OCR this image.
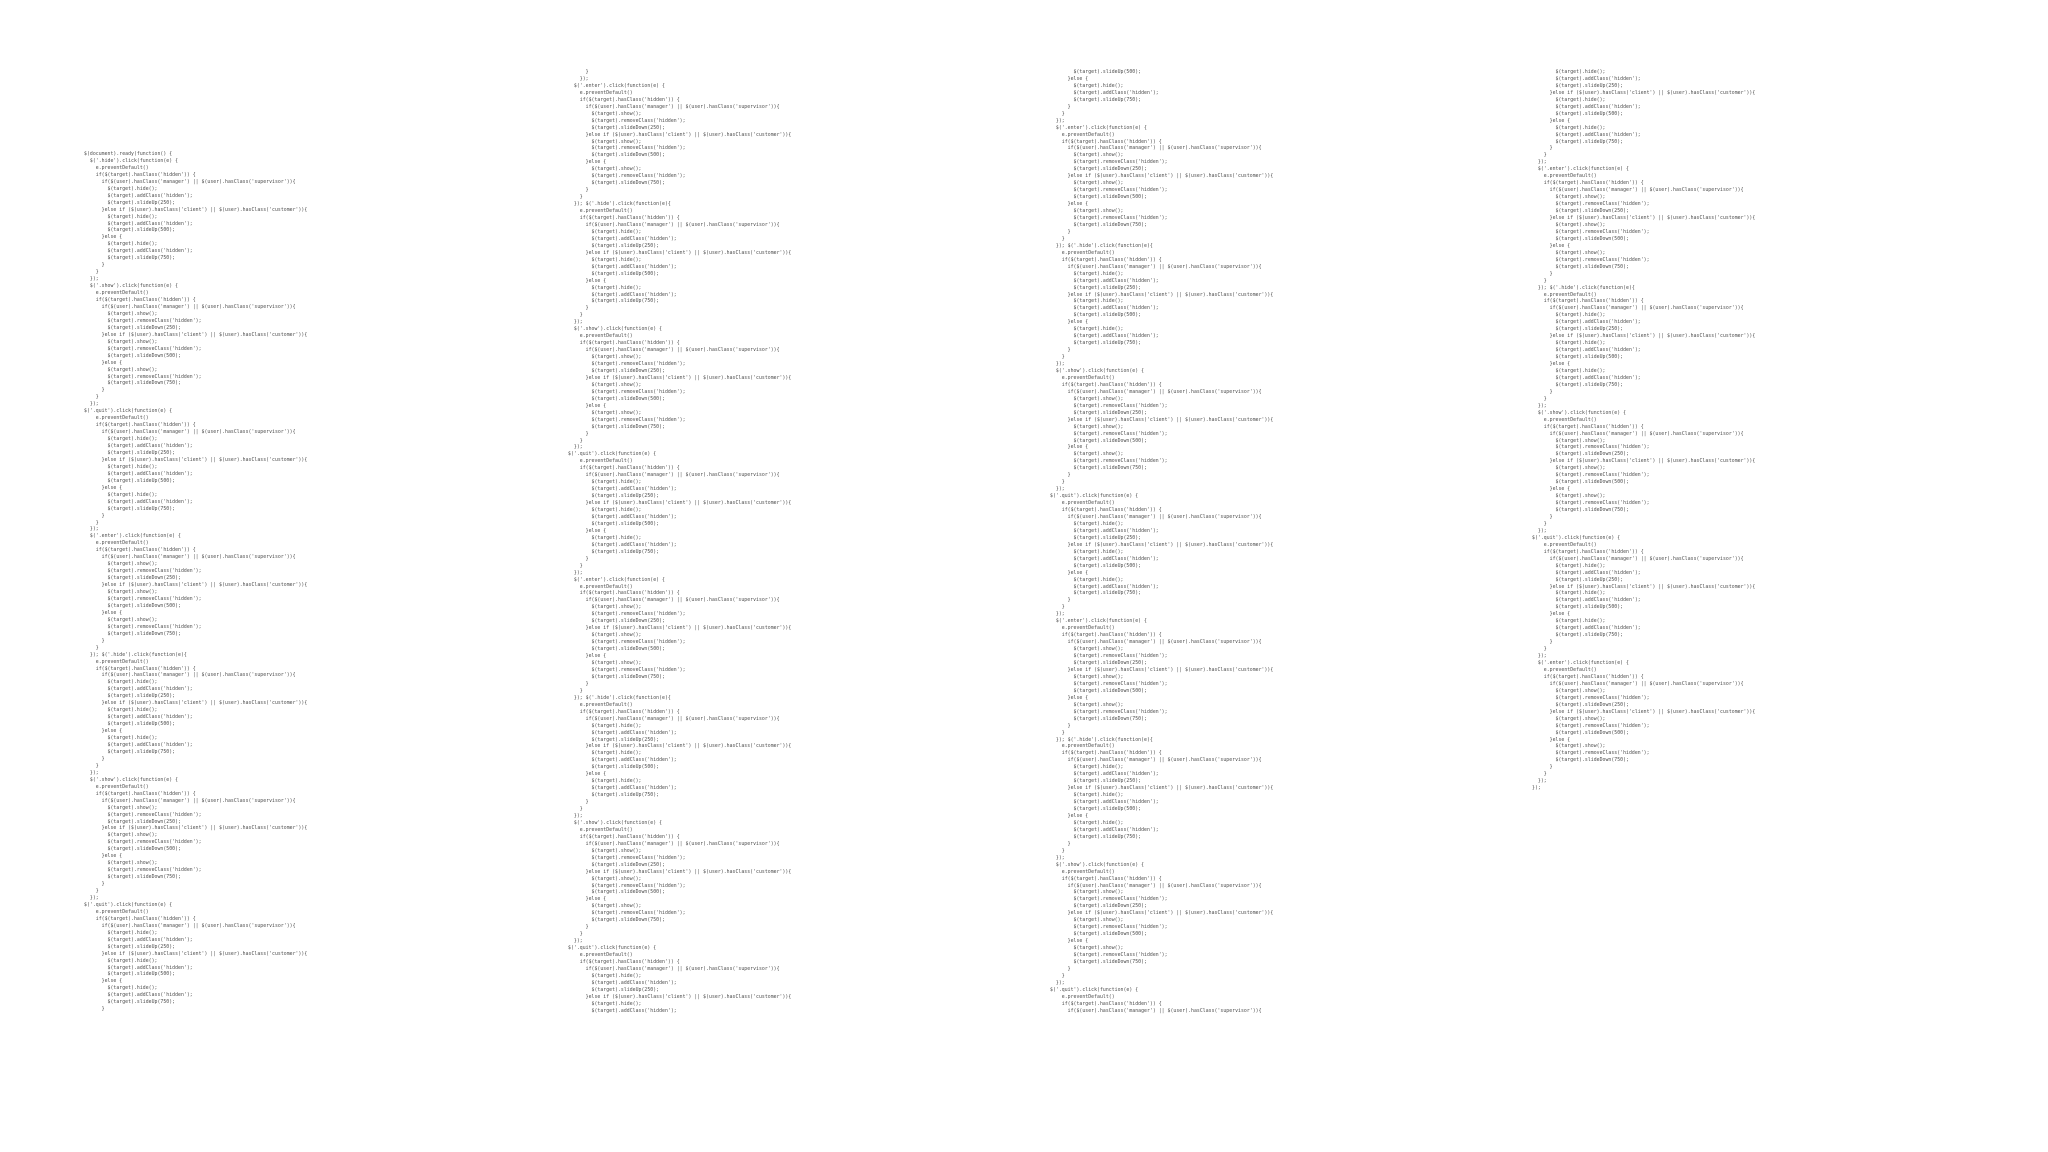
$(document).ready(function() {
$('.hide').click(function(e) {
e.preventDefault()
if($(target).hasClass('hidden')) {
if($(user).hasClass('manager') || $(user).hasClass('supervisor')){
$(target).hide();
$(target).addClass('hidden');
$(target).slideUp(250);
}else if ($(user).hasClass('client') || $(user).hasClass('customer')){
$(target).hide();
$(target).addClass('hidden');
$(target).slideUp(500);
}else {
$(target).hide();
$(target).addClass('hidden');
$(target).slideUp(750);
}
}
});
$('.show').click(function(e) {
e.preventDefault()
if($(target).hasClass('hidden')) {
if($(user).hasClass('manager') || $(user).hasClass('supervisor')){
$(target).show();
$(target).removeClass('hidden');
$(target).slideDown(250);
}else if ($(user).hasClass('client') || $(user).hasClass('customer')){
$(target).show();
$(target).removeClass('hidden');
$(target).slideDown(500);
}else {
$(target).show();
$(target).removeClass('hidden');
$(target).slideDown(750);
}
}
});
$('.quit').click(function(e) {
e.preventDefault()
if($(target).hasClass('hidden')) {
if($(user).hasClass('manager') || $(user).hasClass('supervisor')){
$(target).hide();
$(target).addClass('hidden');
$(target).slideUp(250);
}else if ($(user).hasClass('client') || $(user).hasClass('customer')){
$(target).hide();
$(target).addClass('hidden');
$(target).slideUp(500);
}else {
$(target).hide();
$(target).addClass('hidden');
$(target).slideUp(750);
}
}
});
$('.enter').click(function(e) {
e.preventDefault()
if($(target).hasClass('hidden')) {
if($(user).hasClass('manager') || $(user).hasClass('supervisor')){
$(target).show();
$(target).removeClass('hidden');
$(target).slideDown(250);
}else if ($(user).hasClass('client') || $(user).hasClass('customer')){
$(target).show();
$(target).removeClass('hidden');
$(target).slideDown(500);
}else {
$(target).show();
$(target).removeClass('hidden');
$(target).slideDown(750);
}
}
}); $('.hide').click(function(e){
e.preventDefault()
if($(target).hasClass('hidden')) {
if($(user).hasClass('manager') || $(user).hasClass('supervisor')){
$(target).hide();
$(target).addClass('hidden');
$(target).slideUp(250);
}else if ($(user).hasClass('client') || $(user).hasClass('customer')){
$(target).hide();
$(target).addClass('hidden');
$(target).slideUp(500);
}else {
$(target).hide();
$(target).addClass('hidden');
$(target).slideUp(750);
}
}
});
$('.show').click(function(e) {
e.preventDefault()
if($(target).hasClass('hidden')) {
if($(user).hasClass('manager') || $(user).hasClass('supervisor')){
$(target).show();
$(target).removeClass('hidden');
$(target).slideDown(250);
}else if ($(user).hasClass('client') || $(user).hasClass('customer')){
$(target).show();
$(target).removeClass('hidden');
$(target).slideDown(500);
}else {
$(target).show();
$(target).removeClass('hidden');
$(target).slideDown(750);
}
}
});
$('.quit').click(function(e) {
e.preventDefault()
if($(target).hasClass('hidden')) {
if($(user).hasClass('manager') || $(user).hasClass('supervisor')){
$(target).hide();
$(target).addClass('hidden');
$(target).slideUp(250);
}else if ($(user).hasClass('client') || $(user).hasClass('customer')){
$(target).hide();
$(target).addClass('hidden');
$(target).slideUp(500);
}else {
$(target).hide();
$(target).addClass('hidden');
$(target).slideUp(750);
}
}
});
$('.enter').click(function(e) {
e.preventDefault()
if($(target).hasClass('hidden')) {
if($(user).hasClass('manager') || $(user).hasClass('supervisor')){
$(target).show();
$(target).removeClass('hidden');
$(target).slideDown(250);
}else if ($(user).hasClass('client') || $(user).hasClass('customer')){
$(target).show();
$(target).removeClass('hidden');
$(target).slideDown(500);
}else {
$(target).show();
$(target).removeClass('hidden');
$(target).slideDown(750);
}
}
}); $('.hide').click(function(e){
e.preventDefault()
if($(target).hasClass('hidden')) {
if($(user).hasClass('manager') || $(user).hasClass('supervisor')){
$(target).hide();
$(target).addClass('hidden');
$(target).slideUp(250);
}else if ($(user).hasClass('client') || $(user).hasClass('customer')){
$(target).hide();
$(target).addClass('hidden');
$(target).slideUp(500);
}else {
$(target).hide();
$(target).addClass('hidden');
$(target).slideUp(750);
}
}
});
$('.show').click(function(e) {
e.preventDefault()
if($(target).hasClass('hidden')) {
if($(user).hasClass('manager') || $(user).hasClass('supervisor')){
$(target).show();
$(target).removeClass('hidden');
$(target).slideDown(250);
}else if ($(user).hasClass('client') || $(user).hasClass('customer')){
$(target).show();
$(target).removeClass('hidden');
$(target).slideDown(500);
}else {
$(target).show();
$(target).removeClass('hidden');
$(target).slideDown(750);
}
}
});
$('.quit').click(function(e) {
e.preventDefault()
if($(target).hasClass('hidden')) {
if($(user).hasClass('manager') || $(user).hasClass('supervisor')){
$(target).hide();
$(target).addClass('hidden');
$(target).slideUp(250);
}else if ($(user).hasClass('client') || $(user).hasClass('customer')){
$(target).hide();
$(target).addClass('hidden');
$(target).slideUp(500);
}else {
$(target).hide();
$(target).addClass('hidden');
$(target).slideUp(750);
}
}
});
$('.enter').click(function(e) {
e.preventDefault()
if($(target).hasClass('hidden')) {
if($(user).hasClass('manager') || $(user).hasClass('supervisor')){
$(target).show();
$(target).removeClass('hidden');
$(target).slideDown(250);
}else if ($(user).hasClass('client') || $(user).hasClass('customer')){
$(target).show();
$(target).removeClass('hidden');
$(target).slideDown(500);
}else {
$(target).show();
$(target).removeClass('hidden');
$(target).slideDown(750);
}
}
}); $('.hide').click(function(e){
e.preventDefault()
if($(target).hasClass('hidden')) {
if($(user).hasClass('manager') || $(user).hasClass('supervisor')){
$(target).hide();
$(target).addClass('hidden');
$(target).slideUp(250);
}else if ($(user).hasClass('client') || $(user).hasClass('customer')){
$(target).hide();
$(target).addClass('hidden');
$(target).slideUp(500);
}else {
$(target).hide();
$(target).addClass('hidden');
$(target).slideUp(750);
}
}
});
$('.show').click(function(e) {
e.preventDefault()
if($(target).hasClass('hidden')) {
if($(user).hasClass('manager') || $(user).hasClass('supervisor')){
$(target).show();
$(target).removeClass('hidden');
$(target).slideDown(250);
}else if ($(user).hasClass('client') || $(user).hasClass('customer')){
$(target).show();
$(target).removeClass('hidden');
$(target).slideDown(500);
}else {
$(target).show();
$(target).removeClass('hidden');
$(target).slideDown(750);
}
}
});
$('.quit').click(function(e) {
e.preventDefault()
if($(target).hasClass('hidden')) {
if($(user).hasClass('manager') || $(user).hasClass('supervisor')){
$(target).hide();
$(target).addClass('hidden');
$(target).slideUp(250);
}else if ($(user).hasClass('client') || $(user).hasClass('customer')){
$(target).hide();
$(target).addClass('hidden');
$(target).slideUp(500);
}else {
$(target).hide();
$(target).addClass('hidden');
$(target).slideUp(750);
}
}
});
$('.enter').click(function(e) {
e.preventDefault()
if($(target).hasClass('hidden')) {
if($(user).hasClass('manager') || $(user).hasClass('supervisor')){
$(target).show();
$(target).removeClass('hidden');
$(target).slideDown(250);
}else if ($(user).hasClass('client') || $(user).hasClass('customer')){
$(target).show();
$(target).removeClass('hidden');
$(target).slideDown(500);
}else {
$(target).show();
$(target).removeClass('hidden');
$(target).slideDown(750);
}
}
}); $('.hide').click(function(e){
e.preventDefault()
if($(target).hasClass('hidden')) {
if($(user).hasClass('manager') || $(user).hasClass('supervisor')){
$(target).hide();
$(target).addClass('hidden');
$(target).slideUp(250);
}else if ($(user).hasClass('client') || $(user).hasClass('customer')){
$(target).hide();
$(target).addClass('hidden');
$(target).slideUp(500);
}else {
$(target).hide();
$(target).addClass('hidden');
$(target).slideUp(750);
}
}
});
$('.show').click(function(e) {
e.preventDefault()
if($(target).hasClass('hidden')) {
if($(user).hasClass('manager') || $(user).hasClass('supervisor')){
$(target).show();
$(target).removeClass('hidden');
$(target).slideDown(250);
}else if ($(user).hasClass('client') || $(user).hasClass('customer')){
$(target).show();
$(target).removeClass('hidden');
$(target).slideDown(500);
}else {
$(target).show();
$(target).removeClass('hidden');
$(target).slideDown(750);
}
}
});
$('.quit').click(function(e) {
e.preventDefault()
if($(target).hasClass('hidden')) {
if($(user).hasClass('manager') || $(user).hasClass('supervisor')){
$(target).hide();
$(target).addClass('hidden');
$(target).slideUp(250);
}else if ($(user).hasClass('client') || $(user).hasClass('customer')){
$(target).hide();
$(target).addClass('hidden');
$(target).slideUp(500);
}else {
$(target).hide();
$(target).addClass('hidden');
$(target).slideUp(750);
}
}
});
$('.enter').click(function(e) {
e.preventDefault()
if($(target).hasClass('hidden')) {
if($(user).hasClass('manager') || $(user).hasClass('supervisor')){
$(target).show();
$(target).removeClass('hidden');
$(target).slideDown(250);
}else if ($(user).hasClass('client') || $(user).hasClass('customer')){
$(target).show();
$(target).removeClass('hidden');
$(target).slideDown(500);
}else {
$(target).show();
$(target).removeClass('hidden');
$(target).slideDown(750);
}
}
}); $('.hide').click(function(e){
e.preventDefault()
if($(target).hasClass('hidden')) {
if($(user).hasClass('manager') || $(user).hasClass('supervisor')){
$(target).hide();
$(target).addClass('hidden');
$(target).slideUp(250);
}else if ($(user).hasClass('client') || $(user).hasClass('customer')){
$(target).hide();
$(target).addClass('hidden');
$(target).slideUp(500);
}else {
$(target).hide();
$(target).addClass('hidden');
$(target).slideUp(750);
}
}
});
$('.show').click(function(e) {
e.preventDefault()
if($(target).hasClass('hidden')) {
if($(user).hasClass('manager') || $(user).hasClass('supervisor')){
$(target).show();
$(target).removeClass('hidden');
$(target).slideDown(250);
}else if ($(user).hasClass('client') || $(user).hasClass('customer')){
$(target).show();
$(target).removeClass('hidden');
$(target).slideDown(500);
}else {
$(target).show();
$(target).removeClass('hidden');
$(target).slideDown(750);
}
}
});
$('.quit').click(function(e) {
e.preventDefault()
if($(target).hasClass('hidden')) {
if($(user).hasClass('manager') || $(user).hasClass('supervisor')){
$(target).hide();
$(target).addClass('hidden');
$(target).slideUp(250);
}else if ($(user).hasClass('client') || $(user).hasClass('customer')){
$(target).hide();
$(target).addClass('hidden');
$(target).slideUp(500);
}else {
$(target).hide();
$(target).addClass('hidden');
$(target).slideUp(750);
}
}
});
$('.enter').click(function(e) {
e.preventDefault()
if($(target).hasClass('hidden')) {
if($(user).hasClass('manager') || $(user).hasClass('supervisor')){
$(target).show();
$(target).removeClass('hidden');
$(target).slideDown(250);
}else if ($(user).hasClass('client') || $(user).hasClass('customer')){
$(target).show();
$(target).removeClass('hidden');
$(target).slideDown(500);
}else {
$(target).show();
$(target).removeClass('hidden');
$(target).slideDown(750);
}
}
}); $('.hide').click(function(e){
e.preventDefault()
if($(target).hasClass('hidden')) {
if($(user).hasClass('manager') || $(user).hasClass('supervisor')){
$(target).hide();
$(target).addClass('hidden');
$(target).slideUp(250);
}else if ($(user).hasClass('client') || $(user).hasClass('customer')){
$(target).hide();
$(target).addClass('hidden');
$(target).slideUp(500);
}else {
$(target).hide();
$(target).addClass('hidden');
$(target).slideUp(750);
}
}
});
$('.show').click(function(e) {
e.preventDefault()
if($(target).hasClass('hidden')) {
if($(user).hasClass('manager') || $(user).hasClass('supervisor')){
$(target).show();
$(target).removeClass('hidden');
$(target).slideDown(250);
}else if ($(user).hasClass('client') || $(user).hasClass('customer')){
$(target).show();
$(target).removeClass('hidden');
$(target).slideDown(500);
}else {
$(target).show();
$(target).removeClass('hidden');
$(target).slideDown(750);
}
}
});
$('.quit').click(function(e) {
e.preventDefault()
if($(target).hasClass('hidden')) {
if($(user).hasClass('manager') || $(user).hasClass('supervisor')){
$(target).hide();
$(target).addClass('hidden');
$(target).slideUp(250);
}else if ($(user).hasClass('client') || $(user).hasClass('customer')){
$(target).hide();
$(target).addClass('hidden');
$(target).slideUp(500);
}else {
$(target).hide();
$(target).addClass('hidden');
$(target).slideUp(750);
}
}
});
$('.enter').click(function(e) {
e.preventDefault()
if($(target).hasClass('hidden')) {
if($(user).hasClass('manager') || $(user).hasClass('supervisor')){
$(target).show();
$(target).removeClass('hidden');
$(target).slideDown(250);
}else if ($(user).hasClass('client') || $(user).hasClass('customer')){
$(target).show();
$(target).removeClass('hidden');
$(target).slideDown(500);
}else {
$(target).show();
$(target).removeClass('hidden');
$(target).slideDown(750);
}
}
});
});
